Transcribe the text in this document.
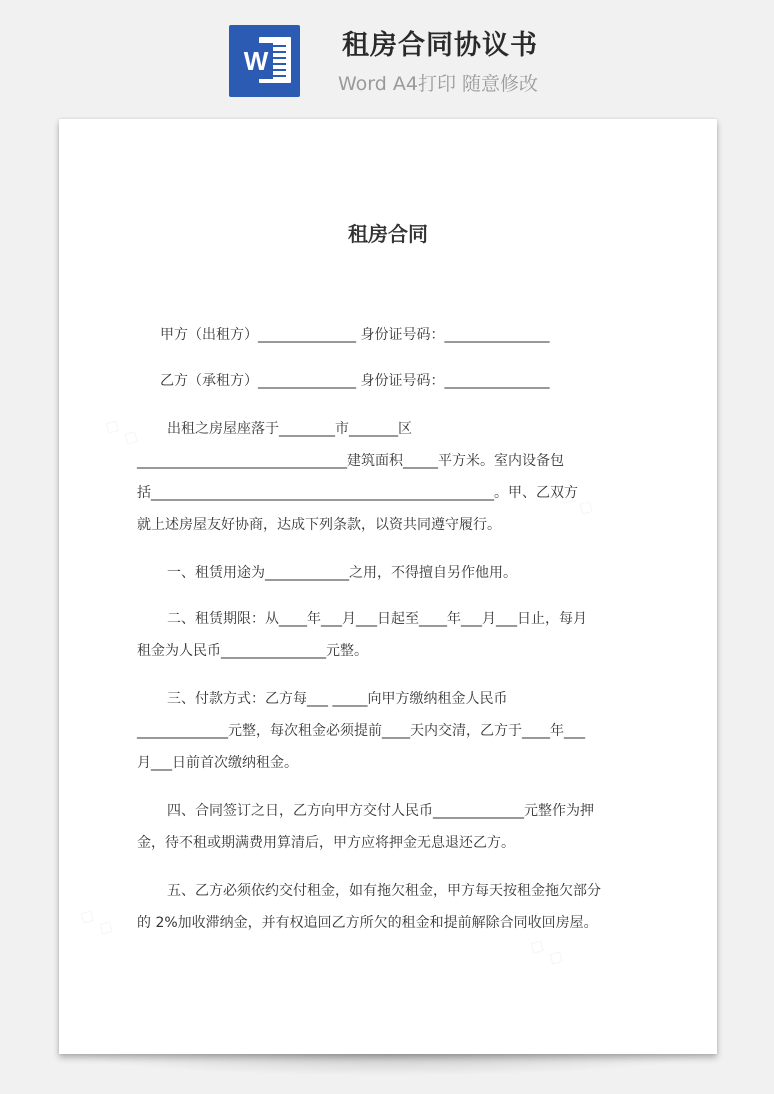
W	租房合同协议书
Word A4打印 随意修改
租房合同
甲方（出租方）______________ 身份证号码：_______________
乙方（承租方）______________ 身份证号码：_______________
出租之房屋座落于________市_______区
______________________________建筑面积_____平方米。室内设备包
括_________________________________________________。甲、乙双方
就上述房屋友好协商，达成下列条款，以资共同遵守履行。
一、租赁用途为____________之用，不得擅自另作他用。
二、租赁期限：从____年___月___日起至____年___月___日止，每月
租金为人民币_______________元整。
三、付款方式：乙方每___ _____向甲方缴纳租金人民币
_____________元整，每次租金必须提前____天内交清，乙方于____年___
月___日前首次缴纳租金。
四、合同签订之日，乙方向甲方交付人民币_____________元整作为押
金，待不租或期满费用算清后，甲方应将押金无息退还乙方。
五、乙方必须依约交付租金，如有拖欠租金，甲方每天按租金拖欠部分
的 2%加收滞纳金，并有权追回乙方所欠的租金和提前解除合同收回房屋。
